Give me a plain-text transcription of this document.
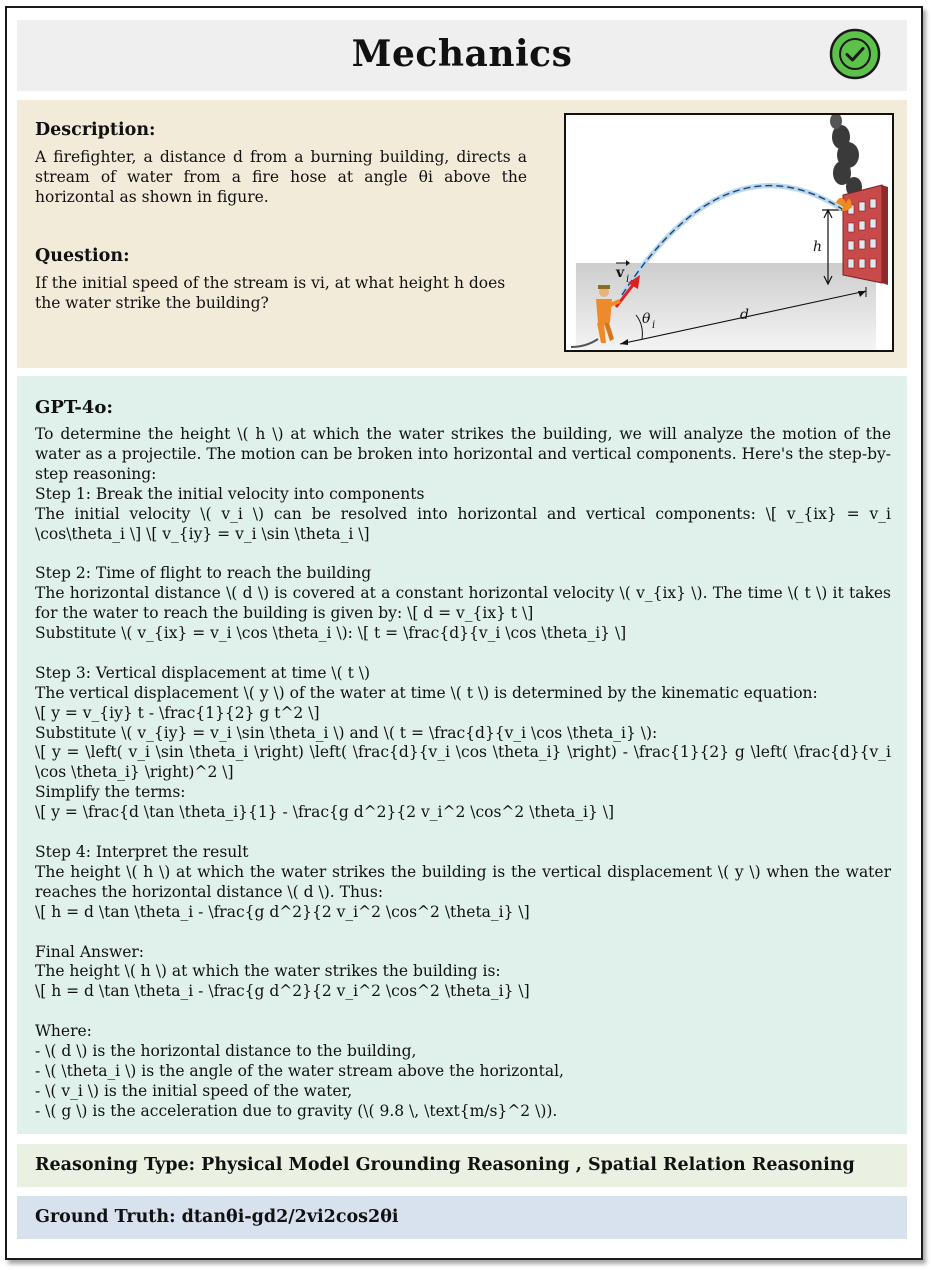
Mechanics
Description:
A firefighter, a distance d from a burning building, directs a stream of water from a fire hose at angle θi above the horizontal as shown in figure.
Question:
If the initial speed of the stream is vi, at what height h does the water strike the building?
h
v i
d
θ i
GPT-4o:
To determine the height \( h \) at which the water strikes the building, we will analyze the motion of the water as a projectile. The motion can be broken into horizontal and vertical components. Here's the step-by-step reasoning:
Step 1: Break the initial velocity into components
The initial velocity \( v_i \) can be resolved into horizontal and vertical components: \[ v_{ix} = v_i \cos\theta_i \] \[ v_{iy} = v_i \sin \theta_i \]
Step 2: Time of flight to reach the building
The horizontal distance \( d \) is covered at a constant horizontal velocity \( v_{ix} \). The time \( t \) it takes for the water to reach the building is given by: \[ d = v_{ix} t \]
Substitute \( v_{ix} = v_i \cos \theta_i \): \[ t = \frac{d}{v_i \cos \theta_i} \]
Step 3: Vertical displacement at time \( t \)
The vertical displacement \( y \) of the water at time \( t \) is determined by the kinematic equation:
\[ y = v_{iy} t - \frac{1}{2} g t^2 \]
Substitute \( v_{iy} = v_i \sin \theta_i \) and \( t = \frac{d}{v_i \cos \theta_i} \):
\[ y = \left( v_i \sin \theta_i \right) \left( \frac{d}{v_i \cos \theta_i} \right) - \frac{1}{2} g \left( \frac{d}{v_i \cos \theta_i} \right)^2 \]
Simplify the terms:
\[ y = \frac{d \tan \theta_i}{1} - \frac{g d^2}{2 v_i^2 \cos^2 \theta_i} \]
Step 4: Interpret the result
The height \( h \) at which the water strikes the building is the vertical displacement \( y \) when the water reaches the horizontal distance \( d \). Thus:
\[ h = d \tan \theta_i - \frac{g d^2}{2 v_i^2 \cos^2 \theta_i} \]
Final Answer:
The height \( h \) at which the water strikes the building is:
\[ h = d \tan \theta_i - \frac{g d^2}{2 v_i^2 \cos^2 \theta_i} \]
Where:
- \( d \) is the horizontal distance to the building,
- \( \theta_i \) is the angle of the water stream above the horizontal,
- \( v_i \) is the initial speed of the water,
- \( g \) is the acceleration due to gravity (\( 9.8 \, \text{m/s}^2 \)).
Reasoning Type: Physical Model Grounding Reasoning , Spatial Relation Reasoning
Ground Truth: dtanθi-gd2/2vi2cos2θi
